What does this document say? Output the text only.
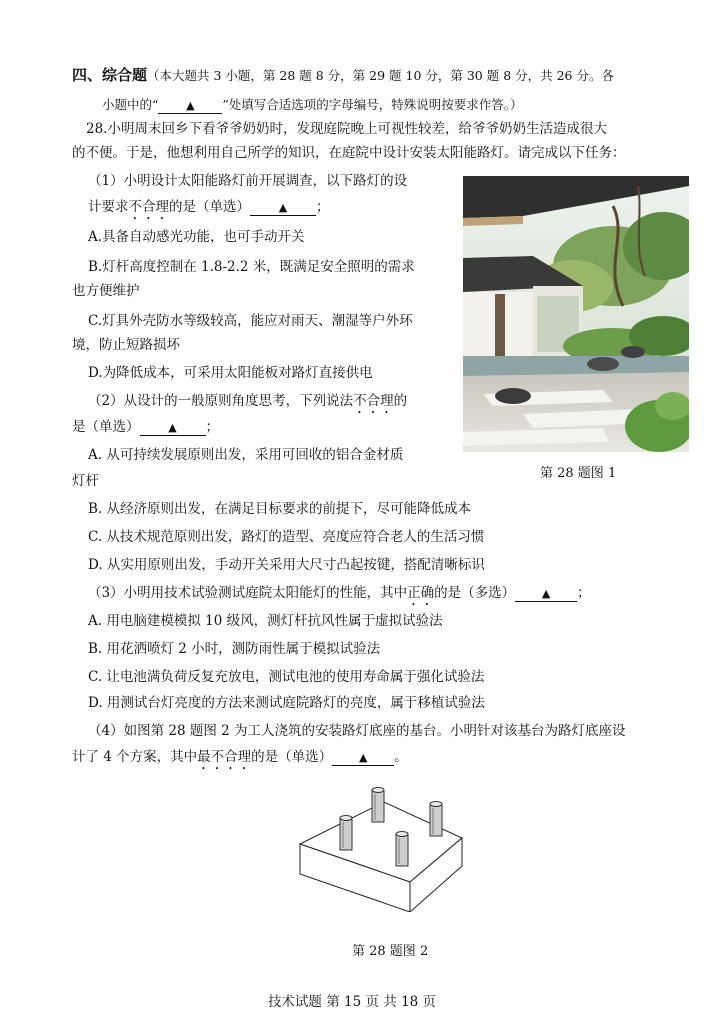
四、综合题（本大题共 3 小题，第 28 题 8 分，第 29 题 10 分，第 30 题 8 分，共 26 分。各
小题中的“	▲ ”处填写合适选项的字母编号，特殊说明按要求作答。）
28.小明周末回乡下看爷爷奶奶时，发现庭院晚上可视性较差，给爷爷奶奶生活造成很大
的不便。于是，他想利用自己所学的知识，在庭院中设计安装太阳能路灯。请完成以下任务：
（1）小明设计太阳能路灯前开展调查，以下路灯的设
计要求不合理的是（单选）	▲ ；
A.具备自动感光功能，也可手动开关
B.灯杆高度控制在 1.8-2.2 米，既满足安全照明的需求
也方便维护
C.灯具外壳防水等级较高，能应对雨天、潮湿等户外环
境，防止短路损坏
D.为降低成本，可采用太阳能板对路灯直接供电
（2）从设计的一般原则角度思考，下列说法不合理的
是（单选）	▲ ；
A. 从可持续发展原则出发，采用可回收的铝合金材质
灯杆
B. 从经济原则出发，在满足目标要求的前提下，尽可能降低成本
C. 从技术规范原则出发，路灯的造型、亮度应符合老人的生活习惯
D. 从实用原则出发，手动开关采用大尺寸凸起按键，搭配清晰标识
（3）小明用技术试验测试庭院太阳能灯的性能，其中正确的是（多选） ▲ ；
A. 用电脑建模模拟 10 级风，测灯杆抗风性属于虚拟试验法
B. 用花洒喷灯 2 小时，测防雨性属于模拟试验法
C. 让电池满负荷反复充放电，测试电池的使用寿命属于强化试验法
D. 用测试台灯亮度的方法来测试庭院路灯的亮度，属于移植试验法
（4）如图第 28 题图 2 为工人浇筑的安装路灯底座的基台。小明针对该基台为路灯底座设
计了 4 个方案，其中最不合理的是（单选） ▲ 。
第 28 题图 1
第 28 题图 2
技术试题 第 15 页 共 18 页
